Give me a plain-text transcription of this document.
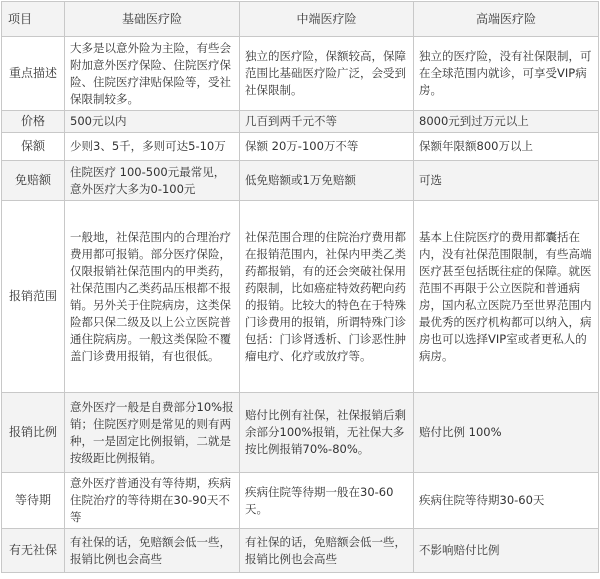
项目	基础医疗险	中端医疗险	高端医疗险
重点描述	大多是以意外险为主险，有些会附加意外医疗保险、住院医疗保险、住院医疗津贴保险等，受社保限制较多。	独立的医疗险，保额较高，保障范围比基础医疗险广泛，会受到社保限制。	独立的医疗险，没有社保限制，可在全球范围内就诊，可享受VIP病房。
价格	500元以内	几百到两千元不等	8000元到过万元以上
保额	少则3、5千，多则可达5-10万	保额 20万-100万不等	保额年限额800万以上
免赔额	住院医疗 100-500元最常见，意外医疗大多为0-100元	低免赔额或1万免赔额	可选
报销范围	一般地，社保范围内的合理治疗费用都可报销。部分医疗保险，仅限报销社保范围内的甲类药，社保范围内乙类药品压根都不报销。另外关于住院病房，这类保险都只保二级及以上公立医院普通住院病房。一般这类保险不覆盖门诊费用报销，有也很低。	社保范围合理的住院治疗费用都在报销范围内，社保内甲类乙类药都报销，有的还会突破社保用药限制，比如癌症特效药靶向药的报销。比较大的特色在于特殊门诊费用的报销，所谓特殊门诊包括：门诊肾透析、门诊恶性肿瘤电疗、化疗或放疗等。	基本上住院医疗的费用都囊括在内，没有社保范围限制，有些高端医疗甚至包括既往症的保障。就医范围不再限于公立医院和普通病房，国内私立医院乃至世界范围内最优秀的医疗机构都可以纳入，病房也可以选择VIP室或者更私人的病房。
报销比例	意外医疗一般是自费部分10%报销；住院医疗则是常见的则有两种，一是固定比例报销，二就是按级距比例报销。	赔付比例有社保，社保报销后剩余部分100%报销，无社保大多按比例报销70%-80%。	赔付比例 100%
等待期	意外医疗普通没有等待期，疾病住院治疗的等待期在30-90天不等	疾病住院等待期一般在30-60天。	疾病住院等待期30-60天
有无社保	有社保的话，免赔额会低一些，报销比例也会高些	有社保的话，免赔额会低一些，报销比例也会高些	不影响赔付比例
